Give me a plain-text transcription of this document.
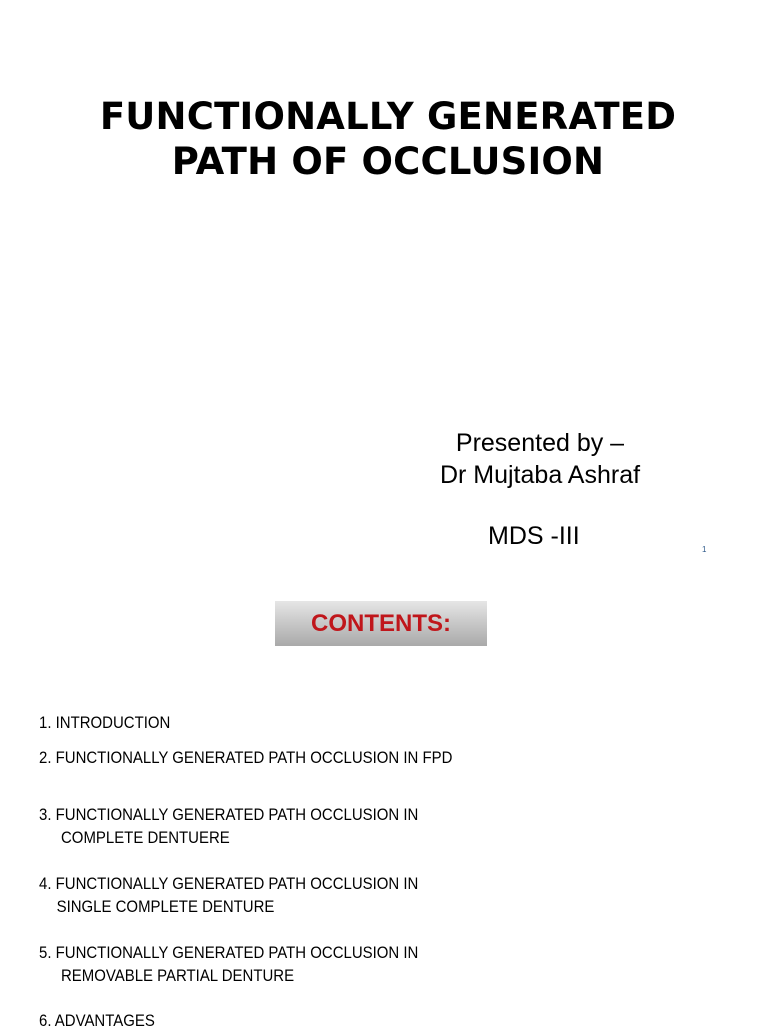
FUNCTIONALLY GENERATED
PATH OF OCCLUSION
Presented by –
Dr Mujtaba Ashraf
MDS -III	1
CONTENTS:
1. INTRODUCTION
2. FUNCTIONALLY GENERATED PATH OCCLUSION IN FPD
3. FUNCTIONALLY GENERATED PATH OCCLUSION IN
COMPLETE DENTUERE
4. FUNCTIONALLY GENERATED PATH OCCLUSION IN
SINGLE COMPLETE DENTURE
5. FUNCTIONALLY GENERATED PATH OCCLUSION IN
REMOVABLE PARTIAL DENTURE
6. ADVANTAGES
